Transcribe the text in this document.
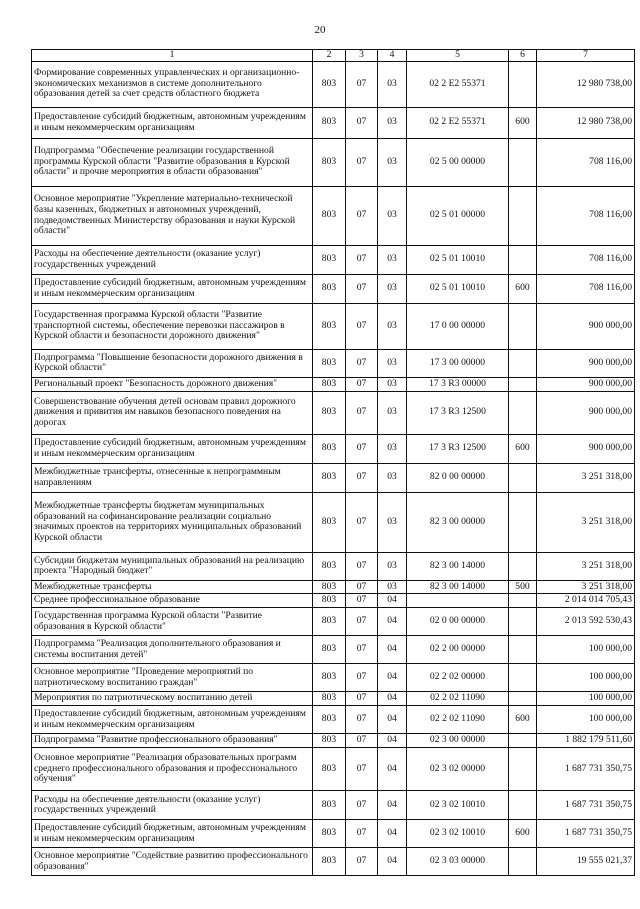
20
1	2	3	4	5	6	7
Формирование современных управленческих и организационно-экономических механизмов в системе дополнительного образования детей за счет средств областного бюджета	803	07	03	02 2 E2 55371		12 980 738,00
Предоставление субсидий бюджетным, автономным учреждениям и иным некоммерческим организациям	803	07	03	02 2 E2 55371	600	12 980 738,00
Подпрограмма "Обеспечение реализации государственной программы Курской области "Развитие образования в Курской области" и прочие мероприятия в области образования"	803	07	03	02 5 00 00000		708 116,00
Основное мероприятие "Укрепление материально-технической базы казенных, бюджетных и автономных учреждений, подведомственных Министерству образования и науки Курской области"	803	07	03	02 5 01 00000		708 116,00
Расходы на обеспечение деятельности (оказание услуг) государственных учреждений	803	07	03	02 5 01 10010		708 116,00
Предоставление субсидий бюджетным, автономным учреждениям и иным некоммерческим организациям	803	07	03	02 5 01 10010	600	708 116,00
Государственная программа Курской области "Развитие транспортной системы, обеспечение перевозки пассажиров в Курской области и безопасности дорожного движения"	803	07	03	17 0 00 00000		900 000,00
Подпрограмма "Повышение безопасности дорожного движения в Курской области"	803	07	03	17 3 00 00000		900 000,00
Региональный проект "Безопасность дорожного движения"	803	07	03	17 3 R3 00000		900 000,00
Совершенствование обучения детей основам правил дорожного движения и привития им навыков безопасного поведения на дорогах	803	07	03	17 3 R3 12500		900 000,00
Предоставление субсидий бюджетным, автономным учреждениям и иным некоммерческим организациям	803	07	03	17 3 R3 12500	600	900 000,00
Межбюджетные трансферты, отнесенные к непрограммным направлениям	803	07	03	82 0 00 00000		3 251 318,00
Межбюджетные трансферты бюджетам муниципальных образований на софинансирование реализации социально значимых проектов на территориях муниципальных образований Курской области	803	07	03	82 3 00 00000		3 251 318,00
Субсидии бюджетам муниципальных образований на реализацию проекта "Народный бюджет"	803	07	03	82 3 00 14000		3 251 318,00
Межбюджетные трансферты	803	07	03	82 3 00 14000	500	3 251 318,00
Среднее профессиональное образование	803	07	04			2 014 014 705,43
Государственная программа Курской области "Развитие образования в Курской области"	803	07	04	02 0 00 00000		2 013 592 530,43
Подпрограмма "Реализация дополнительного образования и системы воспитания детей"	803	07	04	02 2 00 00000		100 000,00
Основное мероприятие "Проведение мероприятий по патриотическому воспитанию граждан"	803	07	04	02 2 02 00000		100 000,00
Мероприятия по патриотическому воспитанию детей	803	07	04	02 2 02 11090		100 000,00
Предоставление субсидий бюджетным, автономным учреждениям и иным некоммерческим организациям	803	07	04	02 2 02 11090	600	100 000,00
Подпрограмма "Развитие профессионального образования"	803	07	04	02 3 00 00000		1 882 179 511,60
Основное мероприятие "Реализация образовательных программ среднего профессионального образования и профессионального обучения"	803	07	04	02 3 02 00000		1 687 731 350,75
Расходы на обеспечение деятельности (оказание услуг) государственных учреждений	803	07	04	02 3 02 10010		1 687 731 350,75
Предоставление субсидий бюджетным, автономным учреждениям и иным некоммерческим организациям	803	07	04	02 3 02 10010	600	1 687 731 350,75
Основное мероприятие "Содействие развитию профессионального образования"	803	07	04	02 3 03 00000		19 555 021,37
